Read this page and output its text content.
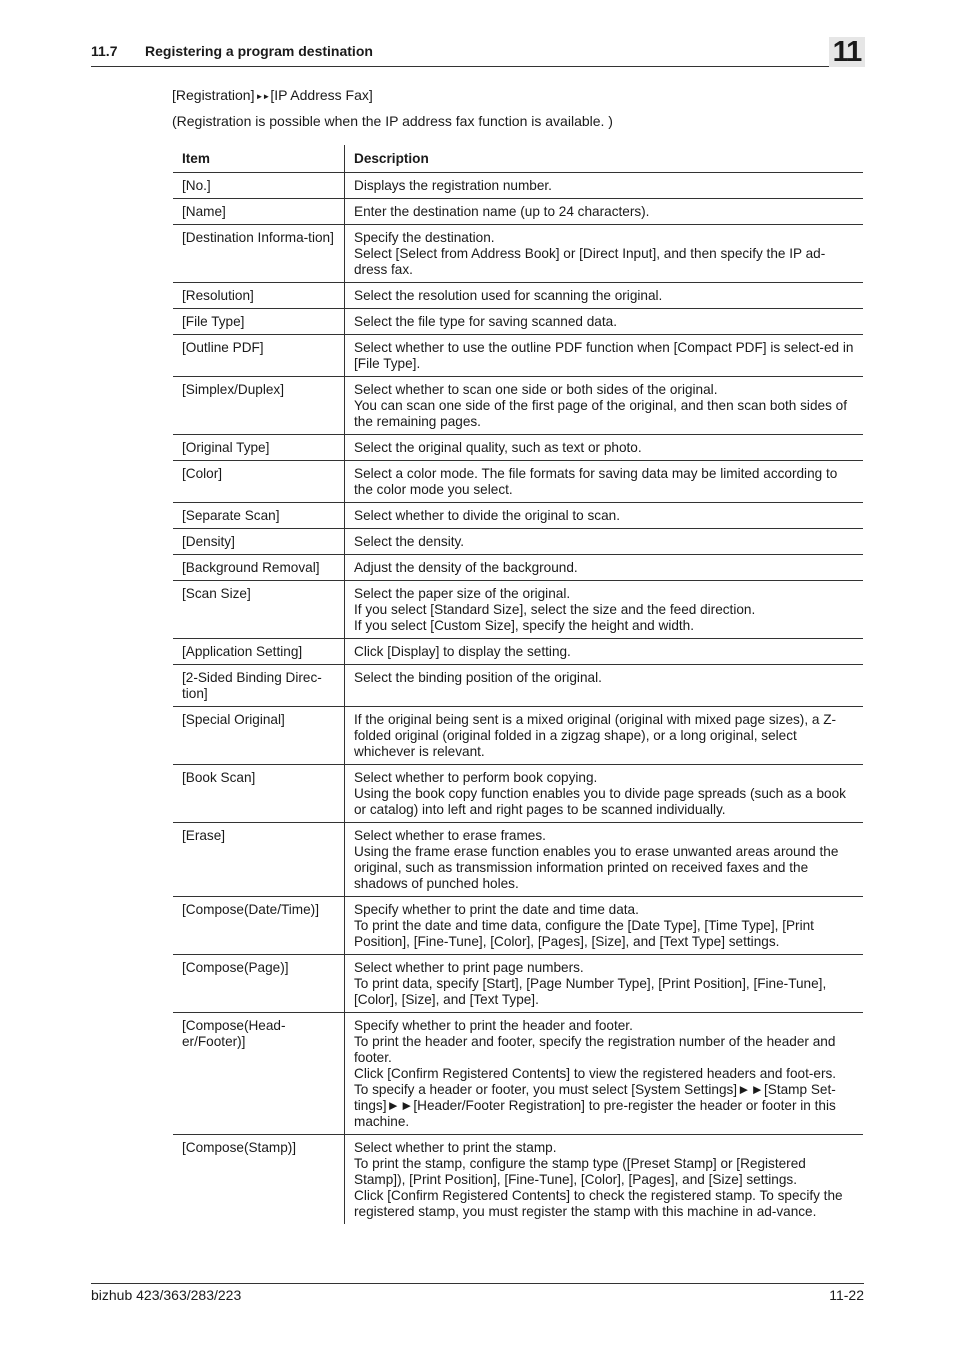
11.7 Registering a program destination	11
[Registration]►►[IP Address Fax]
(Registration is possible when the IP address fax function is available. )
Item	Description
[No.]	Displays the registration number.

[Name]	Enter the destination name (up to 24 characters).

[Destination Informa-tion]	Specify the destination.
Select [Select from Address Book] or [Direct Input], and then specify the IP ad-dress fax.

[Resolution]	Select the resolution used for scanning the original.

[File Type]	Select the file type for saving scanned data.

[Outline PDF]	Select whether to use the outline PDF function when [Compact PDF] is select-ed in [File Type].

[Simplex/Duplex]	Select whether to scan one side or both sides of the original.
You can scan one side of the first page of the original, and then scan both sides of the remaining pages.

[Original Type]	Select the original quality, such as text or photo.

[Color]	Select a color mode. The file formats for saving data may be limited according to the color mode you select.

[Separate Scan]	Select whether to divide the original to scan.

[Density]	Select the density.

[Background Removal]	Adjust the density of the background.

[Scan Size]	Select the paper size of the original.
If you select [Standard Size], select the size and the feed direction.
If you select [Custom Size], specify the height and width.

[Application Setting]	Click [Display] to display the setting.

[2-Sided Binding Direc-tion]	Select the binding position of the original.

[Special Original]	If the original being sent is a mixed original (original with mixed page sizes), a Z-folded original (original folded in a zigzag shape), or a long original, select whichever is relevant.

[Book Scan]	Select whether to perform book copying.
Using the book copy function enables you to divide page spreads (such as a book or catalog) into left and right pages to be scanned individually.

[Erase]	Select whether to erase frames.
Using the frame erase function enables you to erase unwanted areas around the original, such as transmission information printed on received faxes and the shadows of punched holes.

[Compose(Date/Time)]	Specify whether to print the date and time data.
To print the date and time data, configure the [Date Type], [Time Type], [Print Position], [Fine-Tune], [Color], [Pages], [Size], and [Text Type] settings.

[Compose(Page)]	Select whether to print page numbers.
To print data, specify [Start], [Page Number Type], [Print Position], [Fine-Tune], [Color], [Size], and [Text Type].

[Compose(Head-er/Footer)]	Specify whether to print the header and footer.
To print the header and footer, specify the registration number of the header and footer.
Click [Confirm Registered Contents] to view the registered headers and foot-ers.
To specify a header or footer, you must select [System Settings]►►[Stamp Set-tings]►►[Header/Footer Registration] to pre-register the header or footer in this machine.

[Compose(Stamp)]	Select whether to print the stamp.
To print the stamp, configure the stamp type ([Preset Stamp] or [Registered Stamp]), [Print Position], [Fine-Tune], [Color], [Pages], and [Size] settings.
Click [Confirm Registered Contents] to check the registered stamp. To specify the registered stamp, you must register the stamp with this machine in ad-vance.
bizhub 423/363/283/223	11-22
